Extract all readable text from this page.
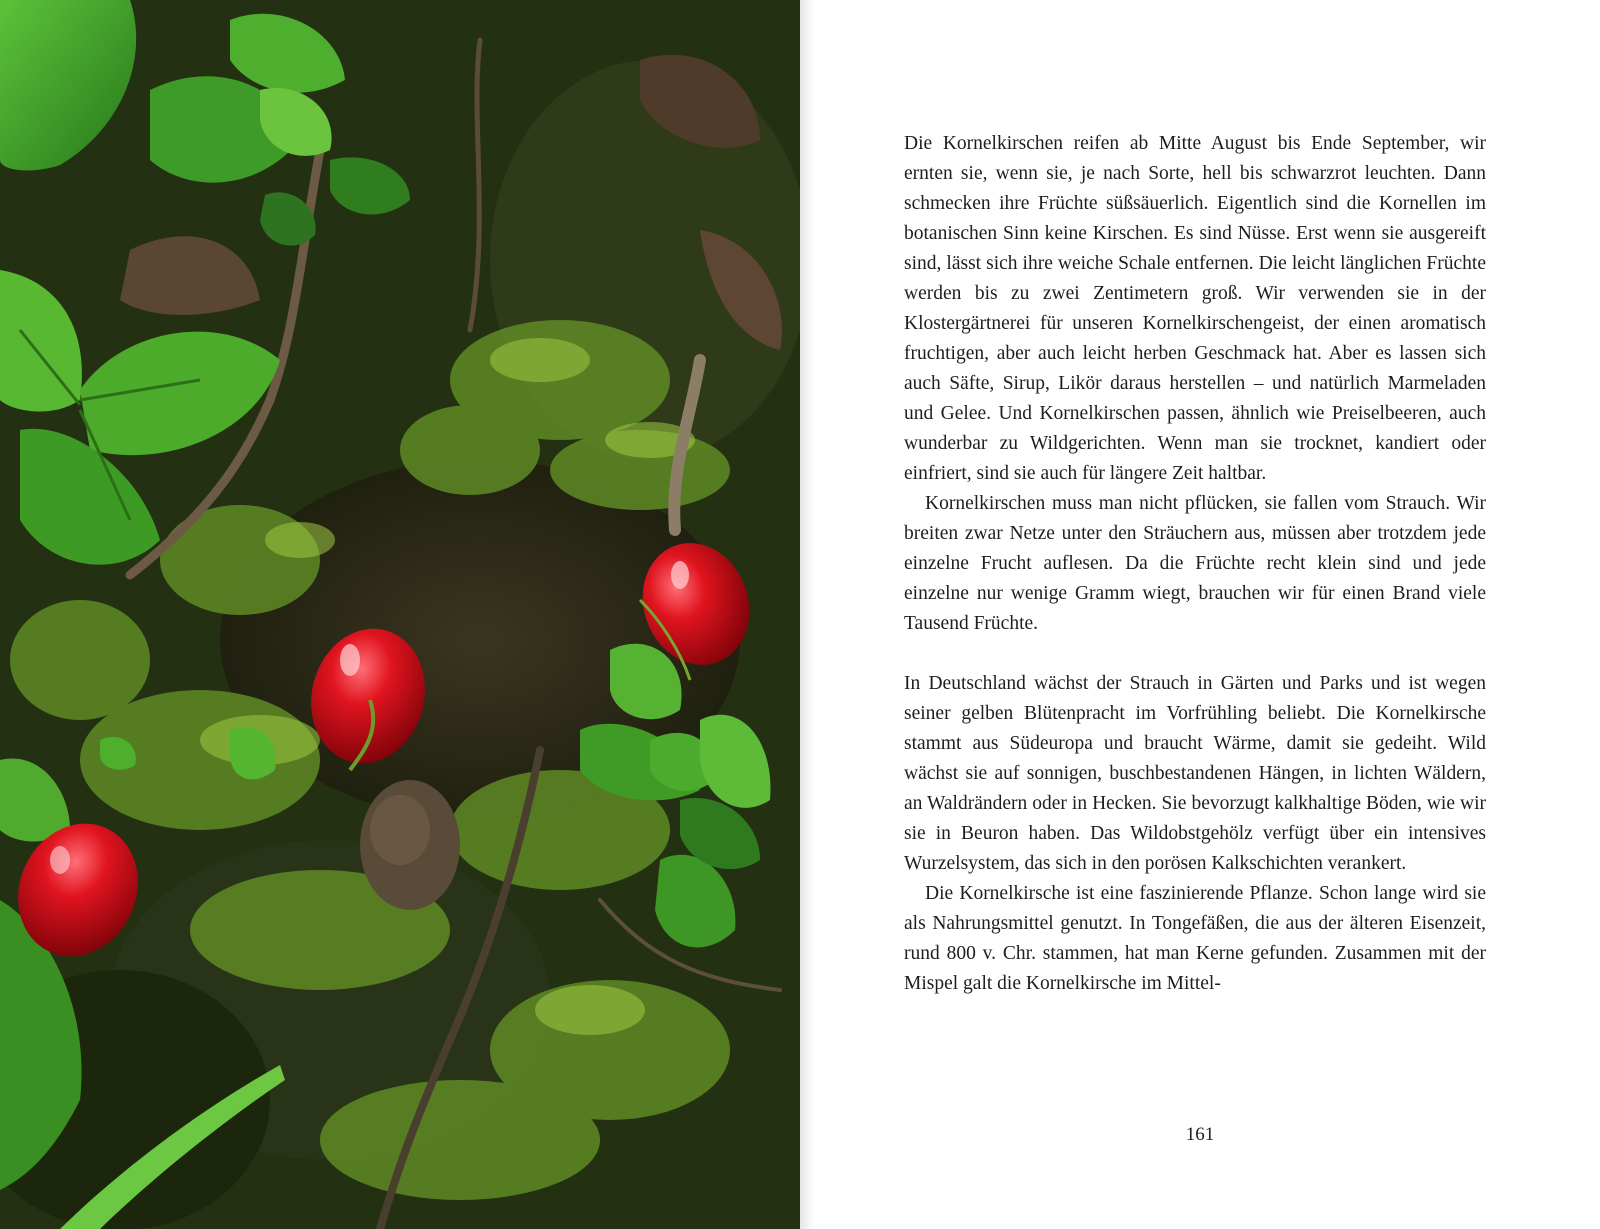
Die Kornelkirschen reifen ab Mitte August bis Ende September, wir ernten sie, wenn sie, je nach Sorte, hell bis schwarzrot leuchten. Dann schmecken ihre Früchte süßsäuerlich. Eigentlich sind die Kornellen im botanischen Sinn keine Kirschen. Es sind Nüsse. Erst wenn sie ausgereift sind, lässt sich ihre weiche Schale entfernen. Die leicht länglichen Früchte werden bis zu zwei Zentimetern groß. Wir verwenden sie in der Klostergärtnerei für unseren Kornelkirschengeist, der einen aromatisch fruchtigen, aber auch leicht herben Geschmack hat. Aber es lassen sich auch Säfte, Sirup, Likör daraus herstellen – und natürlich Marmeladen und Gelee. Und Kornelkirschen passen, ähnlich wie Preiselbeeren, auch wunderbar zu Wildgerichten. Wenn man sie trocknet, kandiert oder einfriert, sind sie auch für längere Zeit haltbar.

Kornelkirschen muss man nicht pflücken, sie fallen vom Strauch. Wir breiten zwar Netze unter den Sträuchern aus, müssen aber trotzdem jede einzelne Frucht auflesen. Da die Früchte recht klein sind und jede einzelne nur wenige Gramm wiegt, brauchen wir für einen Brand viele Tausend Früchte.

In Deutschland wächst der Strauch in Gärten und Parks und ist wegen seiner gelben Blütenpracht im Vorfrühling beliebt. Die Kornelkirsche stammt aus Südeuropa und braucht Wärme, damit sie gedeiht. Wild wächst sie auf sonnigen, buschbestandenen Hängen, in lichten Wäldern, an Waldrändern oder in Hecken. Sie bevorzugt kalkhaltige Böden, wie wir sie in Beuron haben. Das Wildobstgehölz verfügt über ein intensives Wurzelsystem, das sich in den porösen Kalkschichten verankert.

Die Kornelkirsche ist eine faszinierende Pflanze. Schon lange wird sie als Nahrungsmittel genutzt. In Tongefäßen, die aus der älteren Eisenzeit, rund 800 v. Chr. stammen, hat man Kerne gefunden. Zusammen mit der Mispel galt die Kornelkirsche im Mittel-

161
